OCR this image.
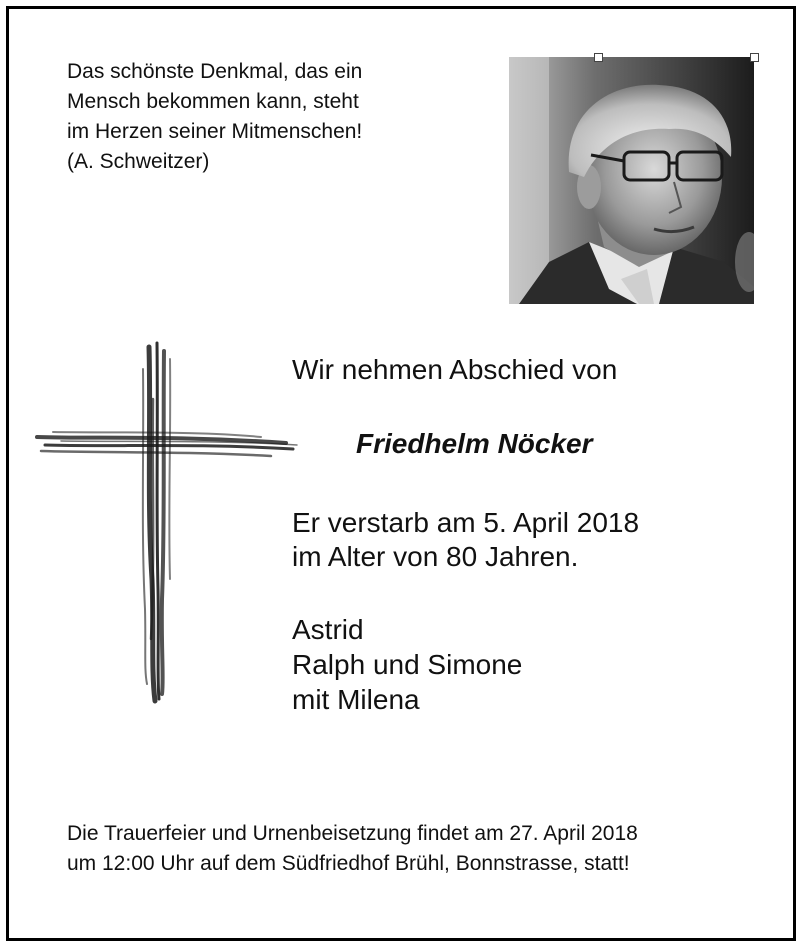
Das schönste Denkmal, das ein
Mensch bekommen kann, steht
im Herzen seiner Mitmenschen!
(A. Schweitzer)

Wir nehmen Abschied von

Friedhelm Nöcker

Er verstarb am 5. April 2018

im Alter von 80 Jahren.

Astrid

Ralph und Simone

mit Milena

Die Trauerfeier und Urnenbeisetzung findet am 27. April 2018
um 12:00 Uhr auf dem Südfriedhof Brühl, Bonnstrasse, statt!
